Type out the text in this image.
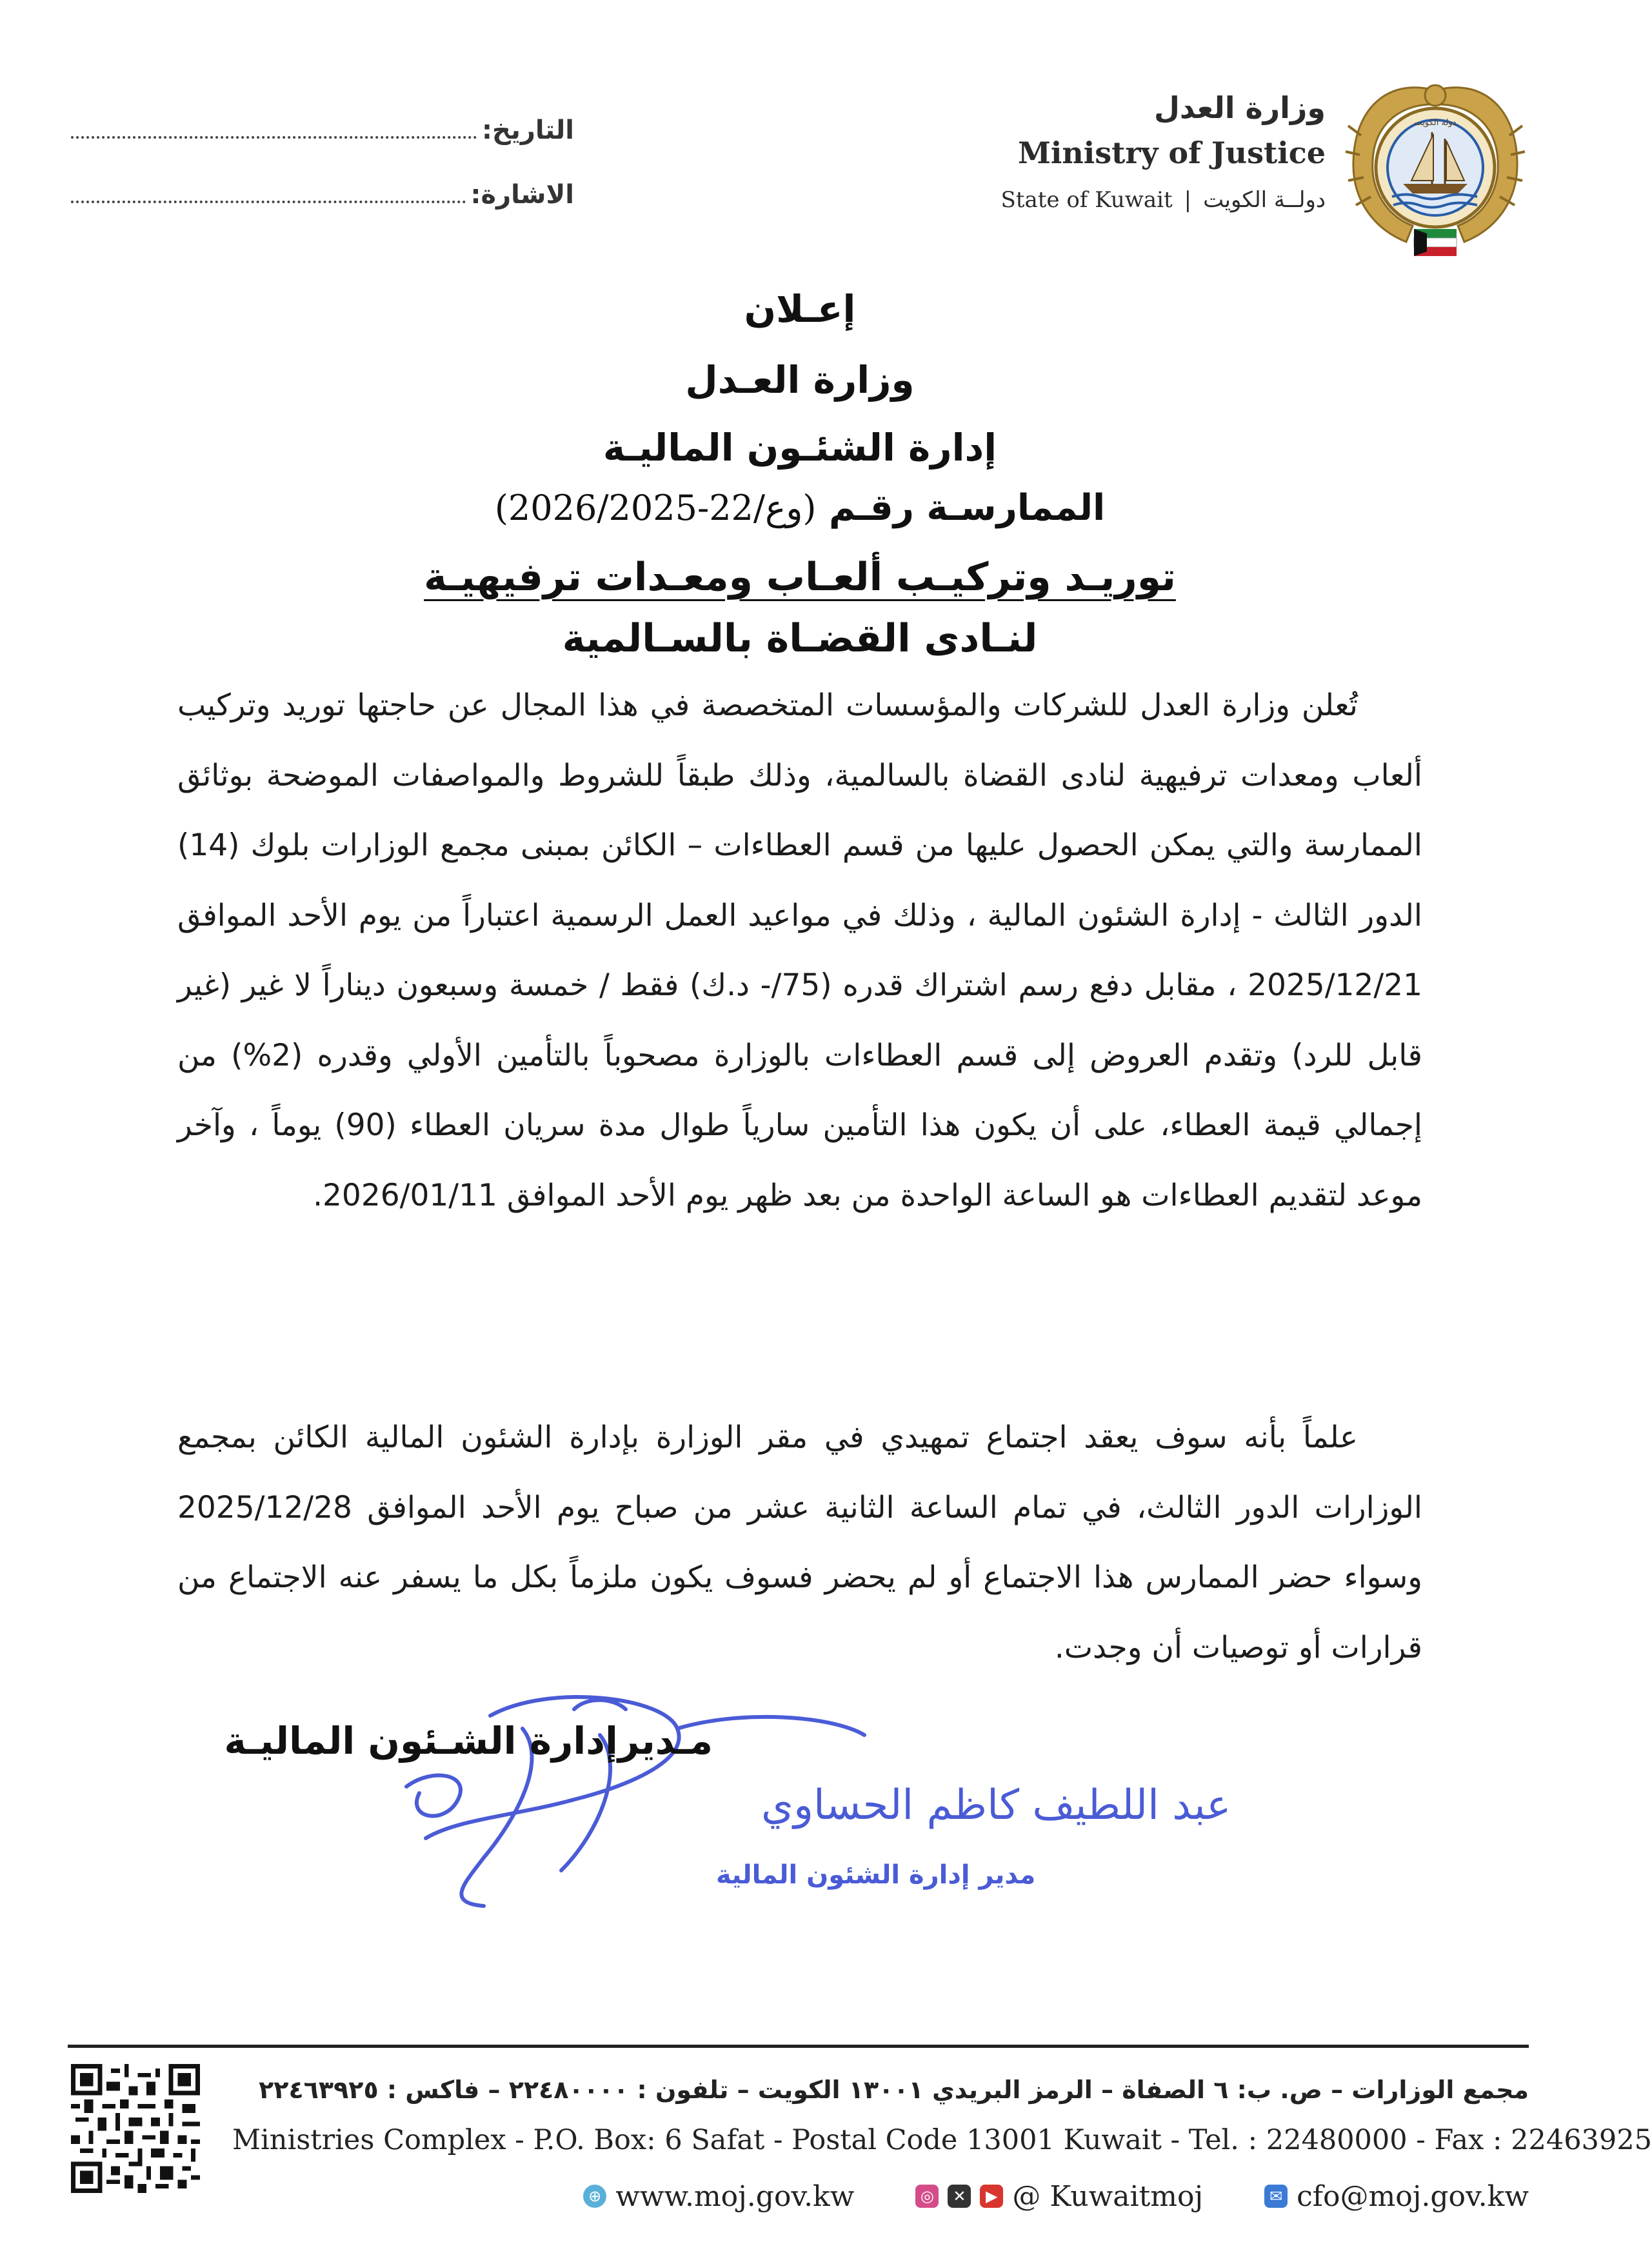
دولة الكويت
وزارة العدل
Ministry of Justice
State of Kuwait | دولــة الكويت
التاريخ:
الاشارة:
إعـلان
وزارة العـدل
إدارة الشئـون الماليـة
الممارسـة رقـم (وع/22-2026/2025)
توريـد وتركيـب ألعـاب ومعـدات ترفيهيـة
لنـادى القضـاة بالسـالمية
تُعلن وزارة العدل للشركات والمؤسسات المتخصصة في هذا المجال عن حاجتها توريد وتركيب ألعاب ومعدات ترفيهية لنادى القضاة بالسالمية، وذلك طبقاً للشروط والمواصفات الموضحة بوثائق الممارسة والتي يمكن الحصول عليها من قسم العطاءات – الكائن بمبنى مجمع الوزارات بلوك (14) الدور الثالث - إدارة الشئون المالية ، وذلك في مواعيد العمل الرسمية اعتباراً من يوم الأحد الموافق 2025/12/21 ، مقابل دفع رسم اشتراك قدره (75/- د.ك) فقط / خمسة وسبعون ديناراً لا غير (غير قابل للرد) وتقدم العروض إلى قسم العطاءات بالوزارة مصحوباً بالتأمين الأولي وقدره (2%) من إجمالي قيمة العطاء، على أن يكون هذا التأمين سارياً طوال مدة سريان العطاء (90) يوماً ، وآخر موعد لتقديم العطاءات هو الساعة الواحدة من بعد ظهر يوم الأحد الموافق 2026/01/11.
علماً بأنه سوف يعقد اجتماع تمهيدي في مقر الوزارة بإدارة الشئون المالية الكائن بمجمع الوزارات الدور الثالث، في تمام الساعة الثانية عشر من صباح يوم الأحد الموافق 2025/12/28 وسواء حضر الممارس هذا الاجتماع أو لم يحضر فسوف يكون ملزماً بكل ما يسفر عنه الاجتماع من قرارات أو توصيات أن وجدت.
عبد اللطيف كاظم الحساوي
مدير إدارة الشئون المالية
مـديرإدارة الشـئون الماليـة
مجمع الوزارات – ص. ب: ٦ الصفاة – الرمز البريدي ١٣٠٠١ الكويت – تلفون : ٢٢٤٨٠٠٠٠ – فاكس : ٢٢٤٦٣٩٢٥
Ministries Complex - P.O. Box: 6 Safat - Postal Code 13001 Kuwait - Tel. : 22480000 - Fax : 22463925
⊕ www.moj.gov.kw	◎	✕	▶ @ Kuwaitmoj	✉ cfo@moj.gov.kw
